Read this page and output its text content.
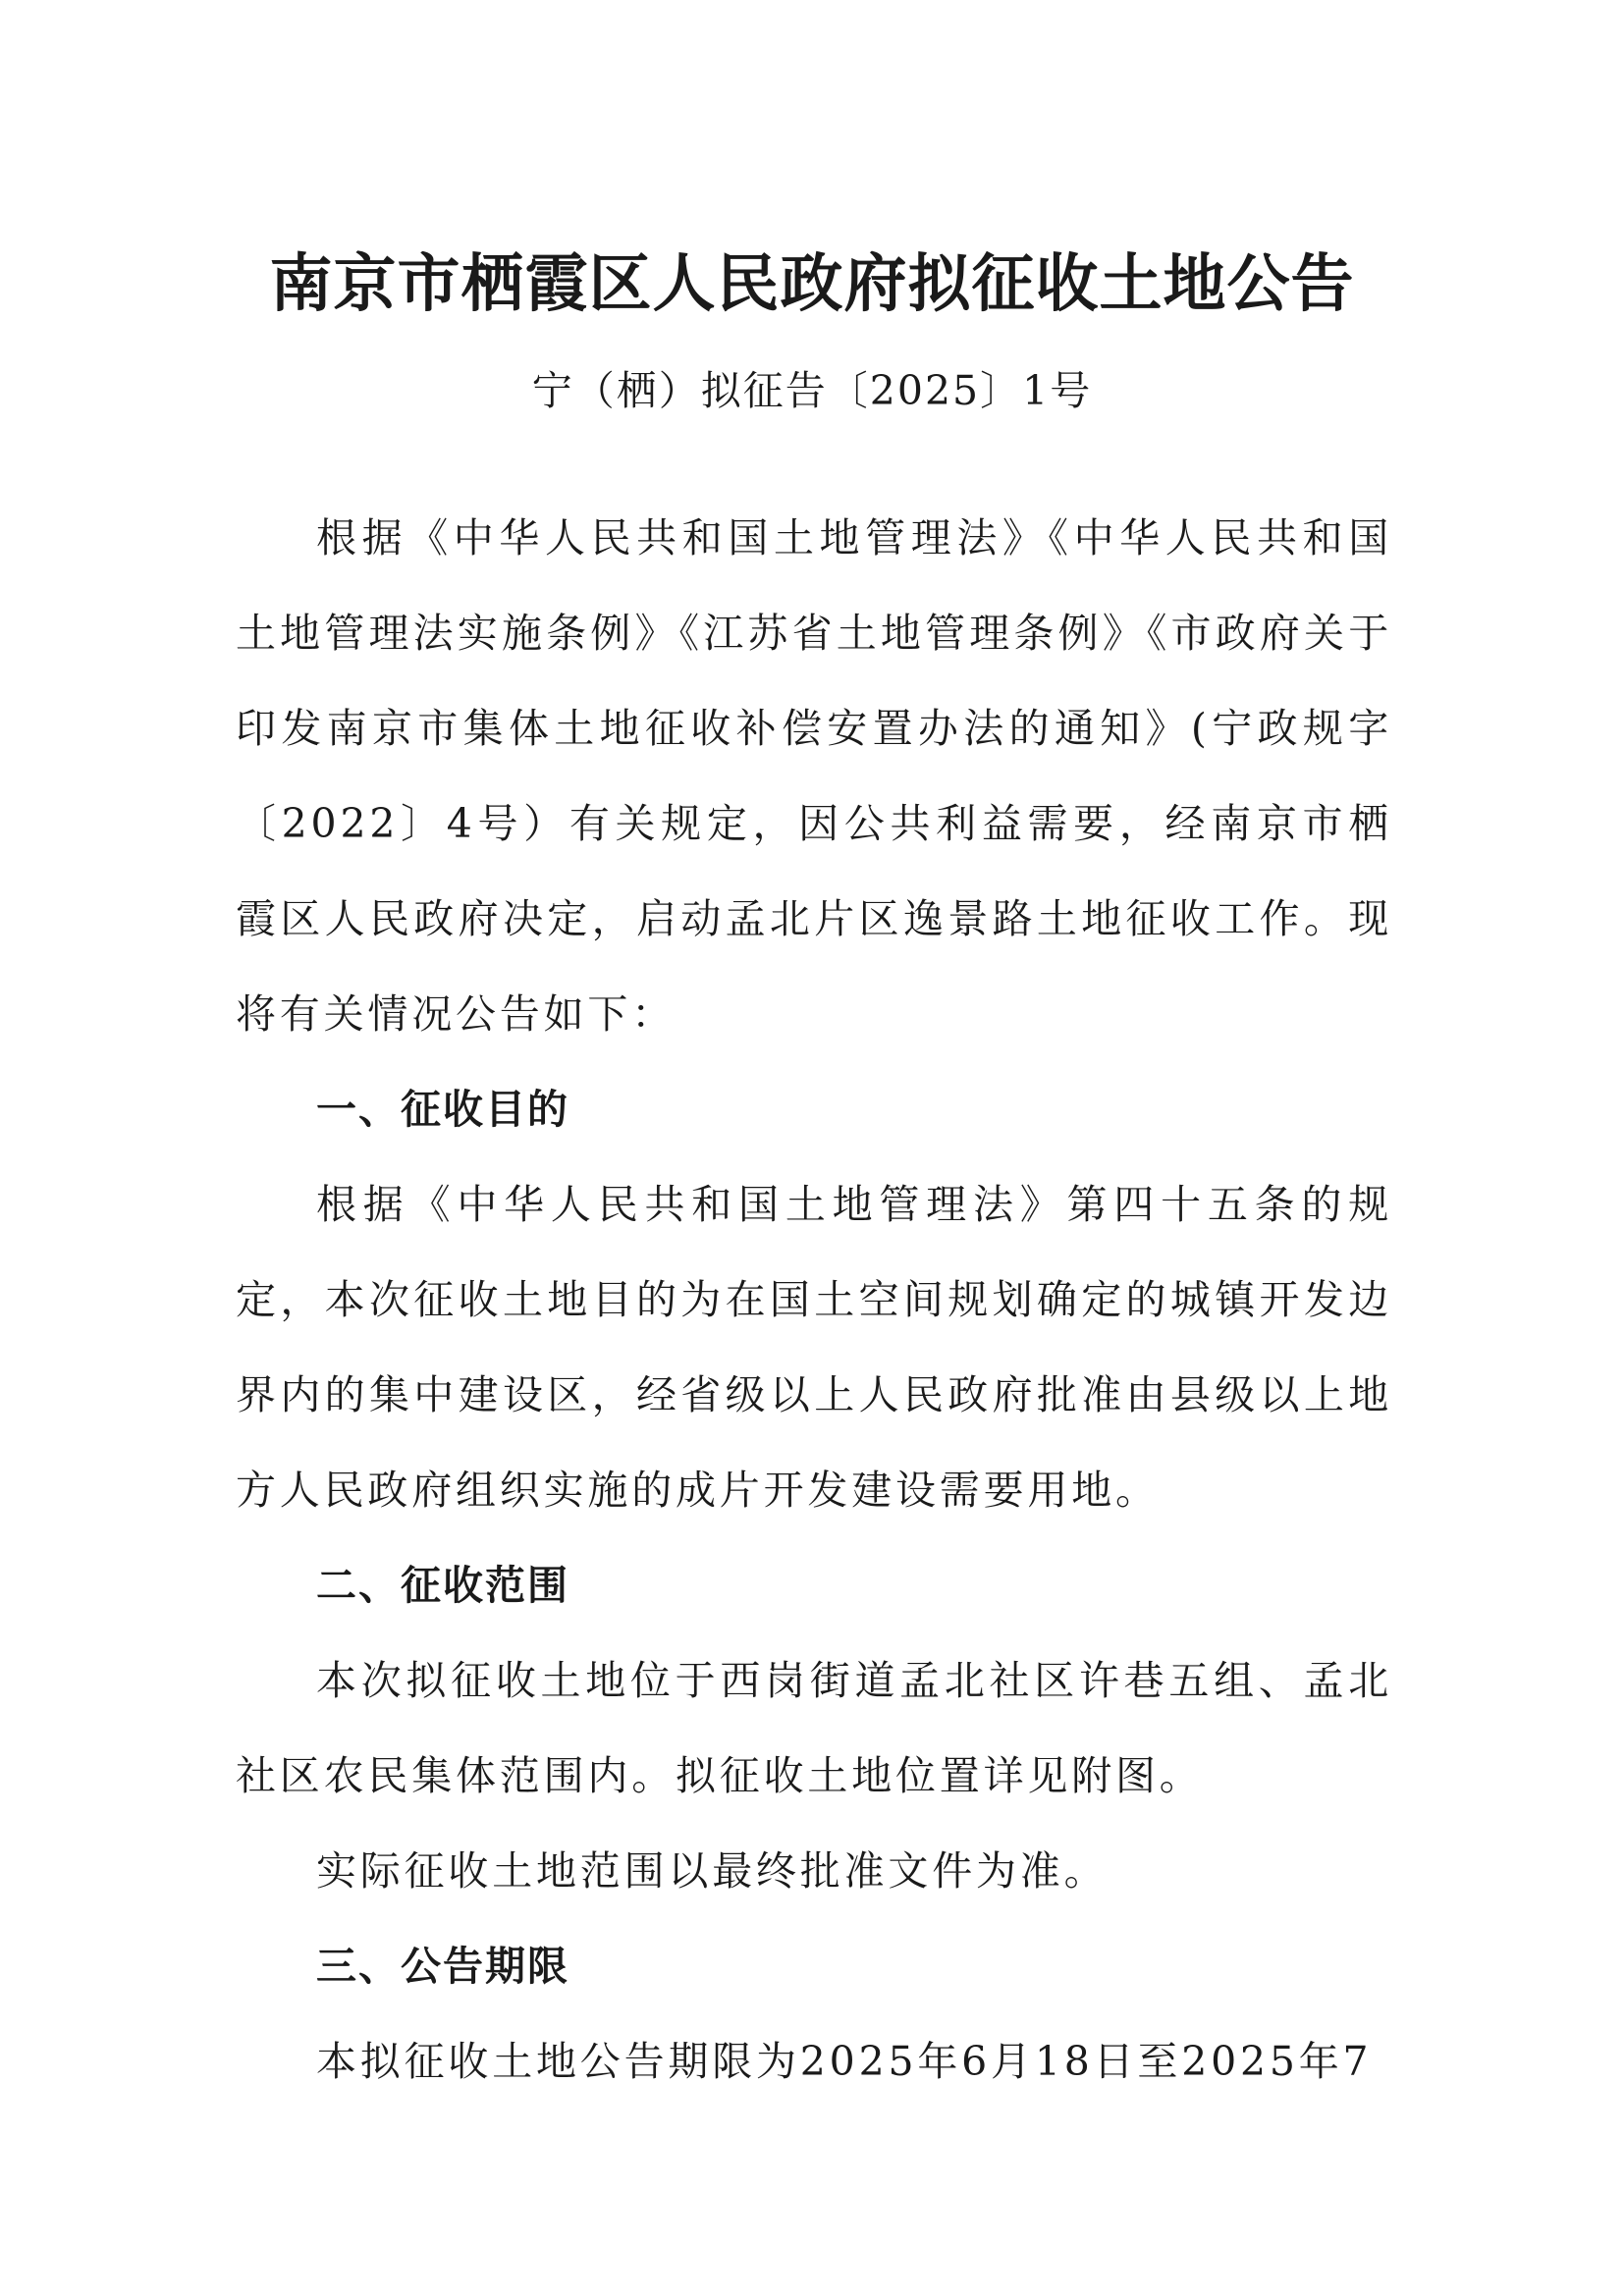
南京市栖霞区人民政府拟征收土地公告
宁（栖）拟征告〔2025〕1号

根据《中华人民共和国土地管理法》《中华人民共和国土地管理法实施条例》《江苏省土地管理条例》《市政府关于印发南京市集体土地征收补偿安置办法的通知》(宁政规字〔2022〕4号）有关规定，因公共利益需要，经南京市栖霞区人民政府决定，启动孟北片区逸景路土地征收工作。现将有关情况公告如下：

一、征收目的

根据《中华人民共和国土地管理法》第四十五条的规定，本次征收土地目的为在国土空间规划确定的城镇开发边界内的集中建设区，经省级以上人民政府批准由县级以上地方人民政府组织实施的成片开发建设需要用地。

二、征收范围

本次拟征收土地位于西岗街道孟北社区许巷五组、孟北社区农民集体范围内。拟征收土地位置详见附图。

实际征收土地范围以最终批准文件为准。

三、公告期限

本拟征收土地公告期限为2025年6月18日至2025年7
